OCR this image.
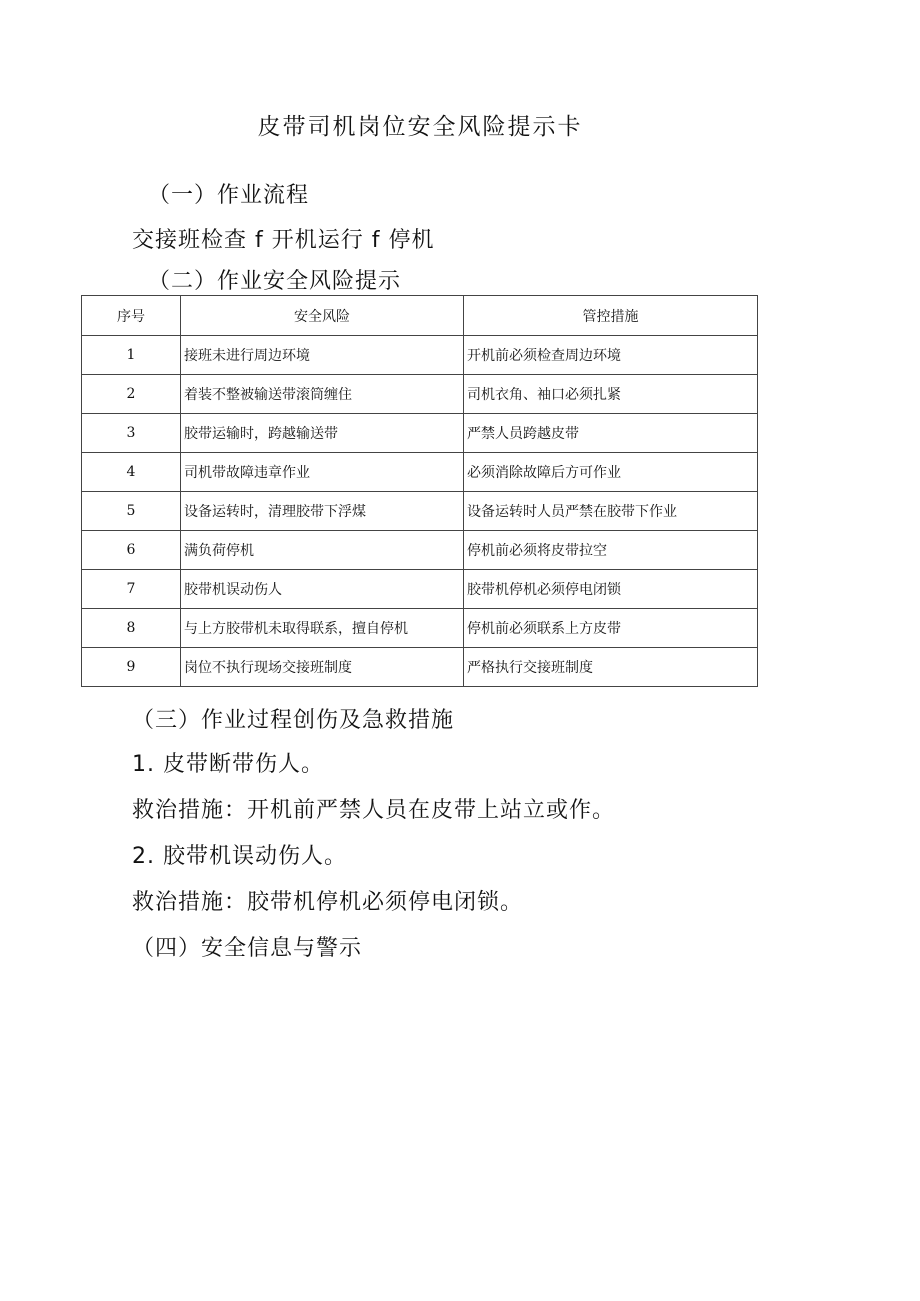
皮带司机岗位安全风险提示卡
（一）作业流程
交接班检查 f 开机运行 f 停机
（二）作业安全风险提示
序号	安全风险	管控措施
1	接班未进行周边环境	开机前必须检查周边环境
2	着装不整被输送带滚筒缠住	司机衣角、袖口必须扎紧
3	胶带运输时，跨越输送带	严禁人员跨越皮带
4	司机带故障违章作业	必须消除故障后方可作业
5	设备运转时，清理胶带下浮煤	设备运转时人员严禁在胶带下作业
6	满负荷停机	停机前必须将皮带拉空
7	胶带机误动伤人	胶带机停机必须停电闭锁
8	与上方胶带机未取得联系，擅自停机	停机前必须联系上方皮带
9	岗位不执行现场交接班制度	严格执行交接班制度
（三）作业过程创伤及急救措施
1. 皮带断带伤人。
救治措施：开机前严禁人员在皮带上站立或作。
2. 胶带机误动伤人。
救治措施：胶带机停机必须停电闭锁。
（四）安全信息与警示
